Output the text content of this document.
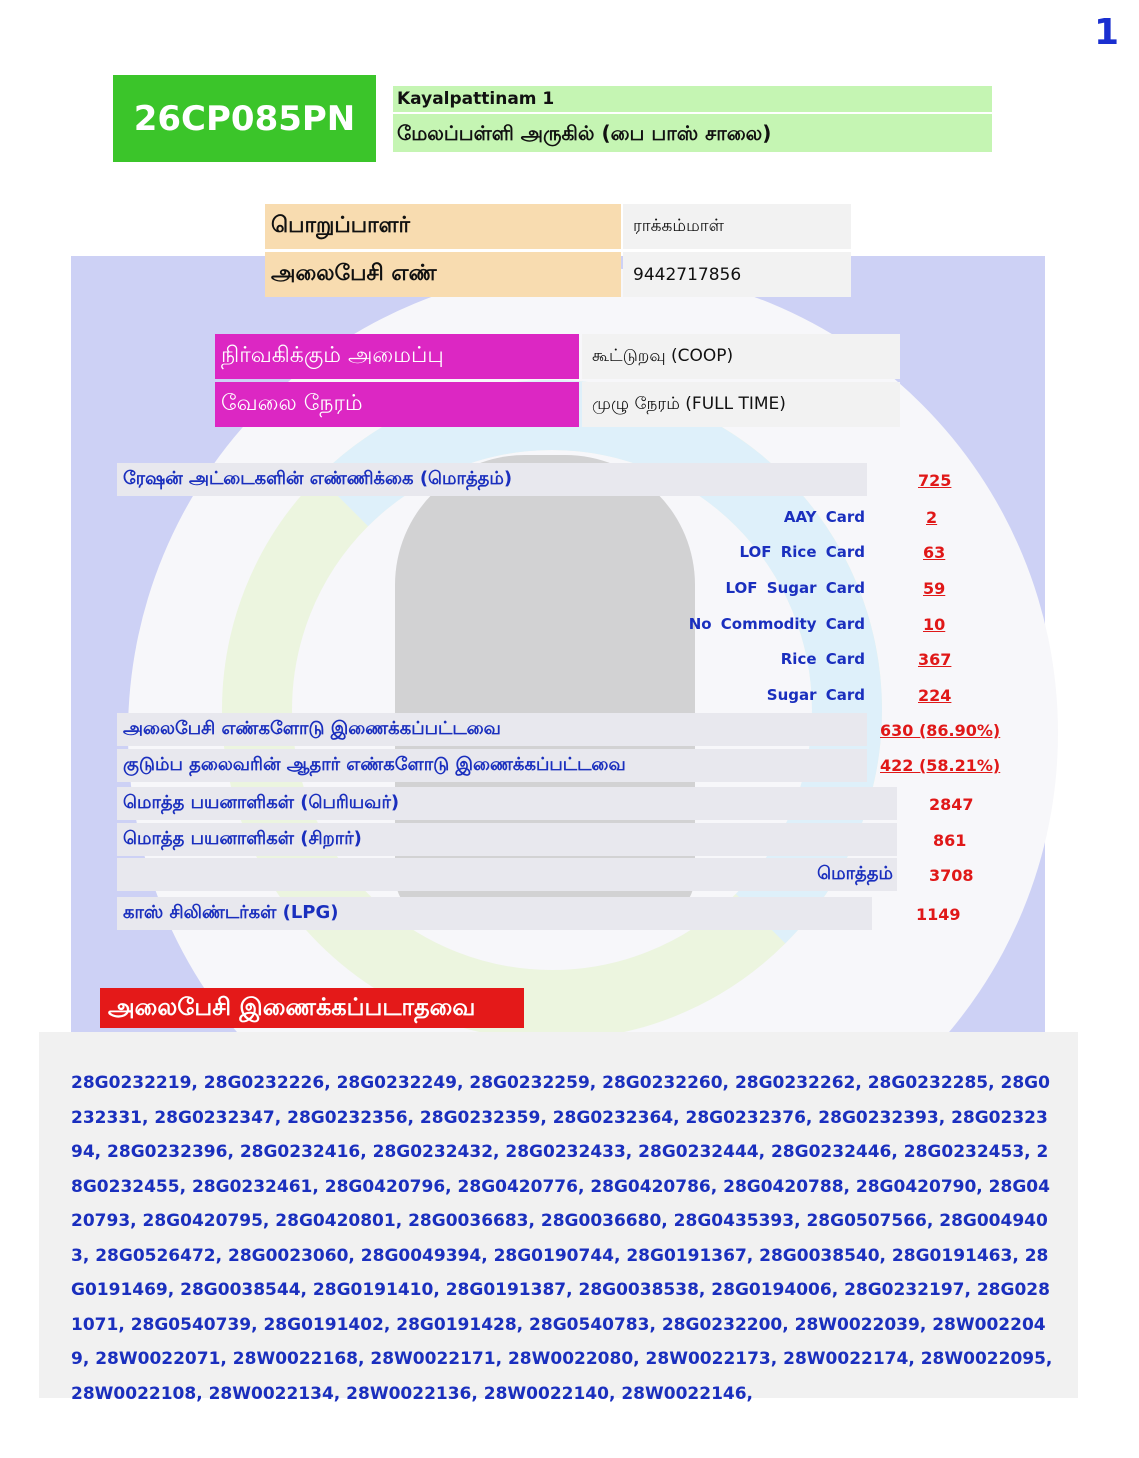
1
26CP085PN	Kayalpattinam 1
மேலப்பள்ளி அருகில் (பை பாஸ் சாலை)
பொறுப்பாளர்	ராக்கம்மாள்
அலைபேசி எண்	9442717856
நிர்வகிக்கும் அமைப்பு	கூட்டுறவு (COOP)
வேலை நேரம்	முழு நேரம் (FULL TIME)
ரேஷன் அட்டைகளின் எண்ணிக்கை (மொத்தம்)	725
AAY Card	2
LOF Rice Card	63
LOF Sugar Card	59
No Commodity Card	10
Rice Card	367
Sugar Card	224
அலைபேசி எண்களோடு இணைக்கப்பட்டவை	630 (86.90%)
குடும்ப தலைவரின் ஆதார் எண்களோடு இணைக்கப்பட்டவை	422 (58.21%)
மொத்த பயனாளிகள் (பெரியவர்)	2847
மொத்த பயனாளிகள் (சிறார்)	861
மொத்தம் 3708
காஸ் சிலிண்டர்கள் (LPG)	1149
அலைபேசி இணைக்கப்படாதவை
28G0232219, 28G0232226, 28G0232249, 28G0232259, 28G0232260, 28G0232262, 28G0232285, 28G0232331, 28G0232347, 28G0232356, 28G0232359, 28G0232364, 28G0232376, 28G0232393, 28G0232394, 28G0232396, 28G0232416, 28G0232432, 28G0232433, 28G0232444, 28G0232446, 28G0232453, 28G0232455, 28G0232461, 28G0420796, 28G0420776, 28G0420786, 28G0420788, 28G0420790, 28G0420793, 28G0420795, 28G0420801, 28G0036683, 28G0036680, 28G0435393, 28G0507566, 28G0049403, 28G0526472, 28G0023060, 28G0049394, 28G0190744, 28G0191367, 28G0038540, 28G0191463, 28G0191469, 28G0038544, 28G0191410, 28G0191387, 28G0038538, 28G0194006, 28G0232197, 28G0281071, 28G0540739, 28G0191402, 28G0191428, 28G0540783, 28G0232200, 28W0022039, 28W0022049, 28W0022071, 28W0022168, 28W0022171, 28W0022080, 28W0022173, 28W0022174, 28W0022095, 28W0022108, 28W0022134, 28W0022136, 28W0022140, 28W0022146,
